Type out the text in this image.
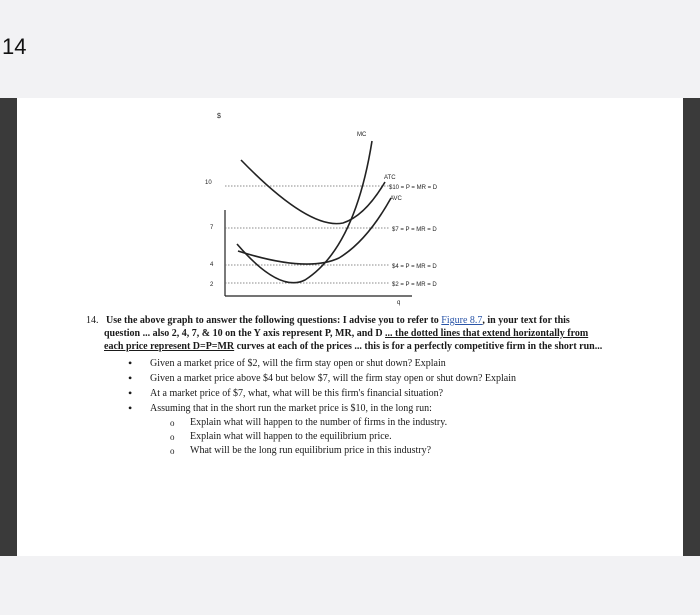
14
$
10
7
4
2
MC
ATC
AVC
$10 = P = MR = D
$7 = P = MR = D
$4 = P = MR = D
$2 = P = MR = D
q

14. Use the above graph to answer the following questions: I advise you to refer to Figure 8.7, in your text for this question ... also 2, 4, 7, & 10 on the Y axis represent P, MR, and D ... the dotted lines that extend horizontally from each price represent D=P=MR curves at each of the prices ... this is for a perfectly competitive firm in the short run...

• Given a market price of $2, will the firm stay open or shut down? Explain
• Given a market price above $4 but below $7, will the firm stay open or shut down? Explain
• At a market price of $7, what, what will be this firm's financial situation?
• Assuming that in the short run the market price is $10, in the long run:
o Explain what will happen to the number of firms in the industry.
o Explain what will happen to the equilibrium price.
o What will be the long run equilibrium price in this industry?
